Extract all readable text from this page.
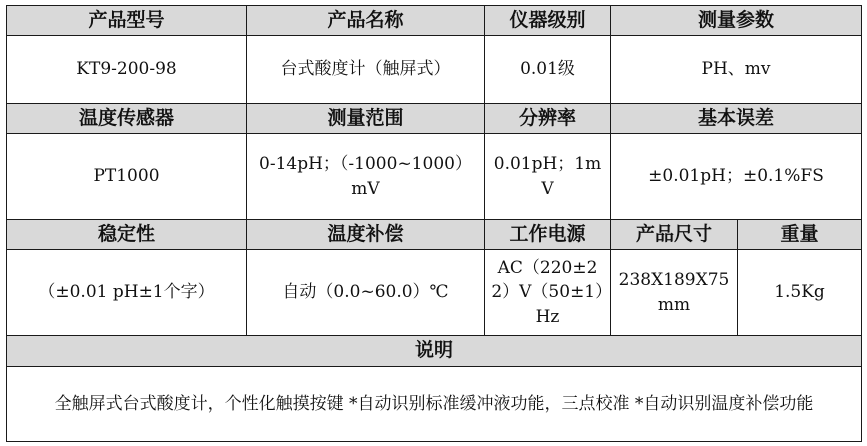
产品型号	产品名称	仪器级别	测量参数	
KT9-200-98	台式酸度计（触屏式）	0.01级	PH、mv	
温度传感器	测量范围	分辨率	基本误差	
PT1000	0-14pH；（-1000~1000）mV	0.01pH；1mV	±0.01pH；±0.1%FS	
稳定性	温度补偿	工作电源	产品尺寸	重量
（±0.01 pH±1个字）	自动（0.0~60.0）℃	AC（220±22）V（50±1）Hz	238X189X75mm	1.5Kg
说明				
全触屏式台式酸度计，个性化触摸按键 *自动识别标准缓冲液功能，三点校准 *自动识别温度补偿功能				
